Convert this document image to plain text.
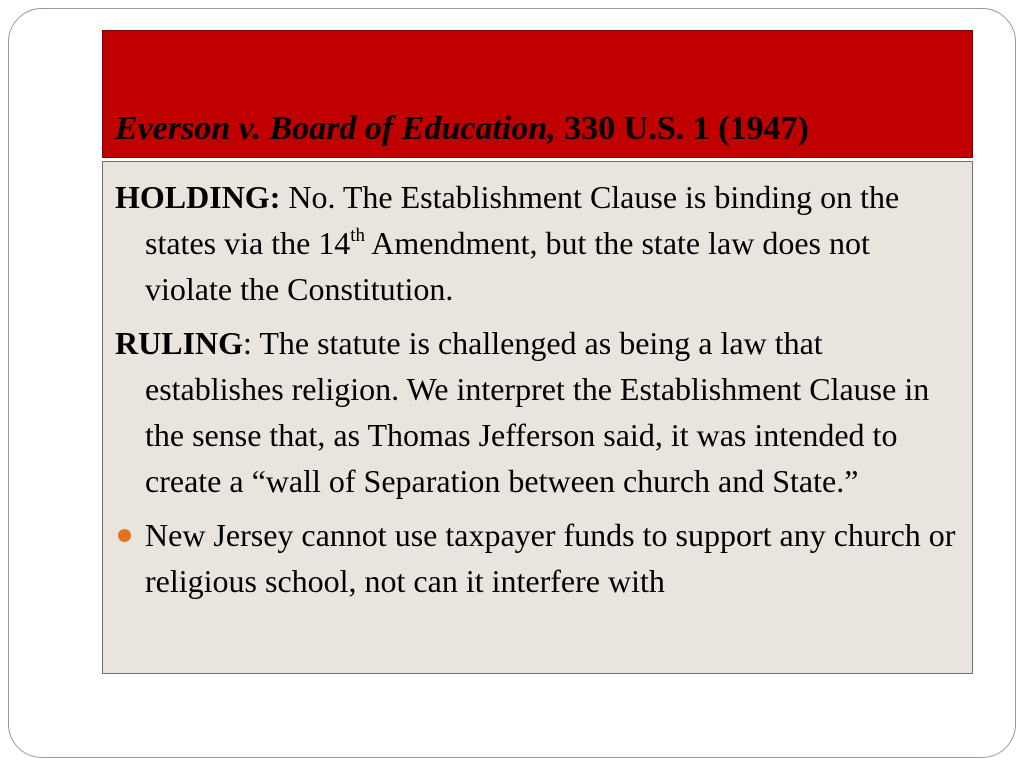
Everson v. Board of Education, 330 U.S. 1 (1947)

HOLDING: No. The Establishment Clause is binding on the states via the 14th Amendment, but the state law does not violate the Constitution.

RULING: The statute is challenged as being a law that establishes religion. We interpret the Establishment Clause in the sense that, as Thomas Jefferson said, it was intended to create a “wall of Separation between church and State.”

New Jersey cannot use taxpayer funds to support any church or religious school, not can it interfere with
